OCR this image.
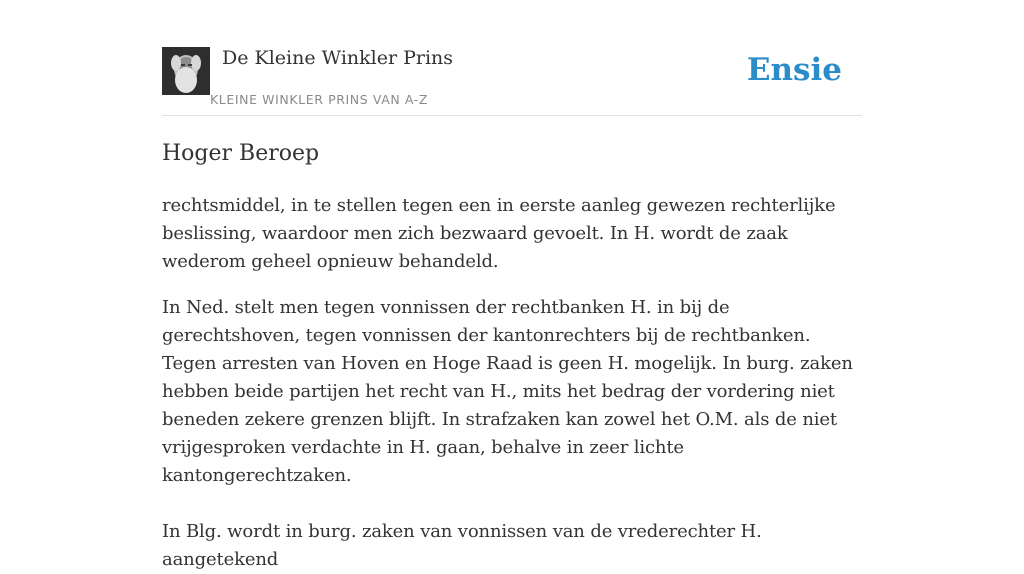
De Kleine Winkler Prins
KLEINE WINKLER PRINS VAN A-Z
Ensie
Hoger Beroep

rechtsmiddel, in te stellen tegen een in eerste aanleg gewezen rechterlijke beslissing, waardoor men zich bezwaard gevoelt. In H. wordt de zaak wederom geheel opnieuw behandeld.

In Ned. stelt men tegen vonnissen der rechtbanken H. in bij de gerechtshoven, tegen vonnissen der kantonrechters bij de rechtbanken. Tegen arresten van Hoven en Hoge Raad is geen H. mogelijk. In burg. zaken hebben beide partijen het recht van H., mits het bedrag der vordering niet beneden zekere grenzen blijft. In strafzaken kan zowel het O.M. als de niet vrijgesproken verdachte in H. gaan, behalve in zeer lichte kantongerechtzaken.

In Blg. wordt in burg. zaken van vonnissen van de vrederechter H. aangetekend
